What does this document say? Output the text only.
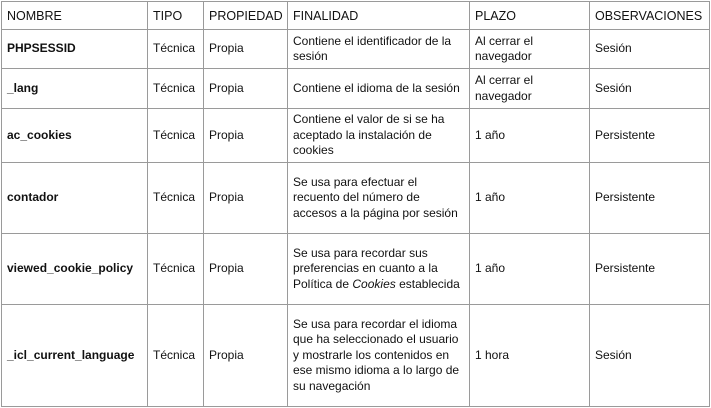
NOMBRE	TIPO	PROPIEDAD	FINALIDAD	PLAZO	OBSERVACIONES
PHPSESSID	Técnica	Propia	Contiene el identificador de la sesión	Al cerrar el navegador	Sesión
_lang	Técnica	Propia	Contiene el idioma de la sesión	Al cerrar el navegador	Sesión
ac_cookies	Técnica	Propia	Contiene el valor de si se ha aceptado la instalación de cookies	1 año	Persistente
contador	Técnica	Propia	Se usa para efectuar el recuento del número de accesos a la página por sesión	1 año	Persistente
viewed_cookie_policy	Técnica	Propia	Se usa para recordar sus preferencias en cuanto a la Política de Cookies establecida	1 año	Persistente
_icl_current_language	Técnica	Propia	Se usa para recordar el idioma que ha seleccionado el usuario y mostrarle los contenidos en ese mismo idioma a lo largo de su navegación	1 hora	Sesión
